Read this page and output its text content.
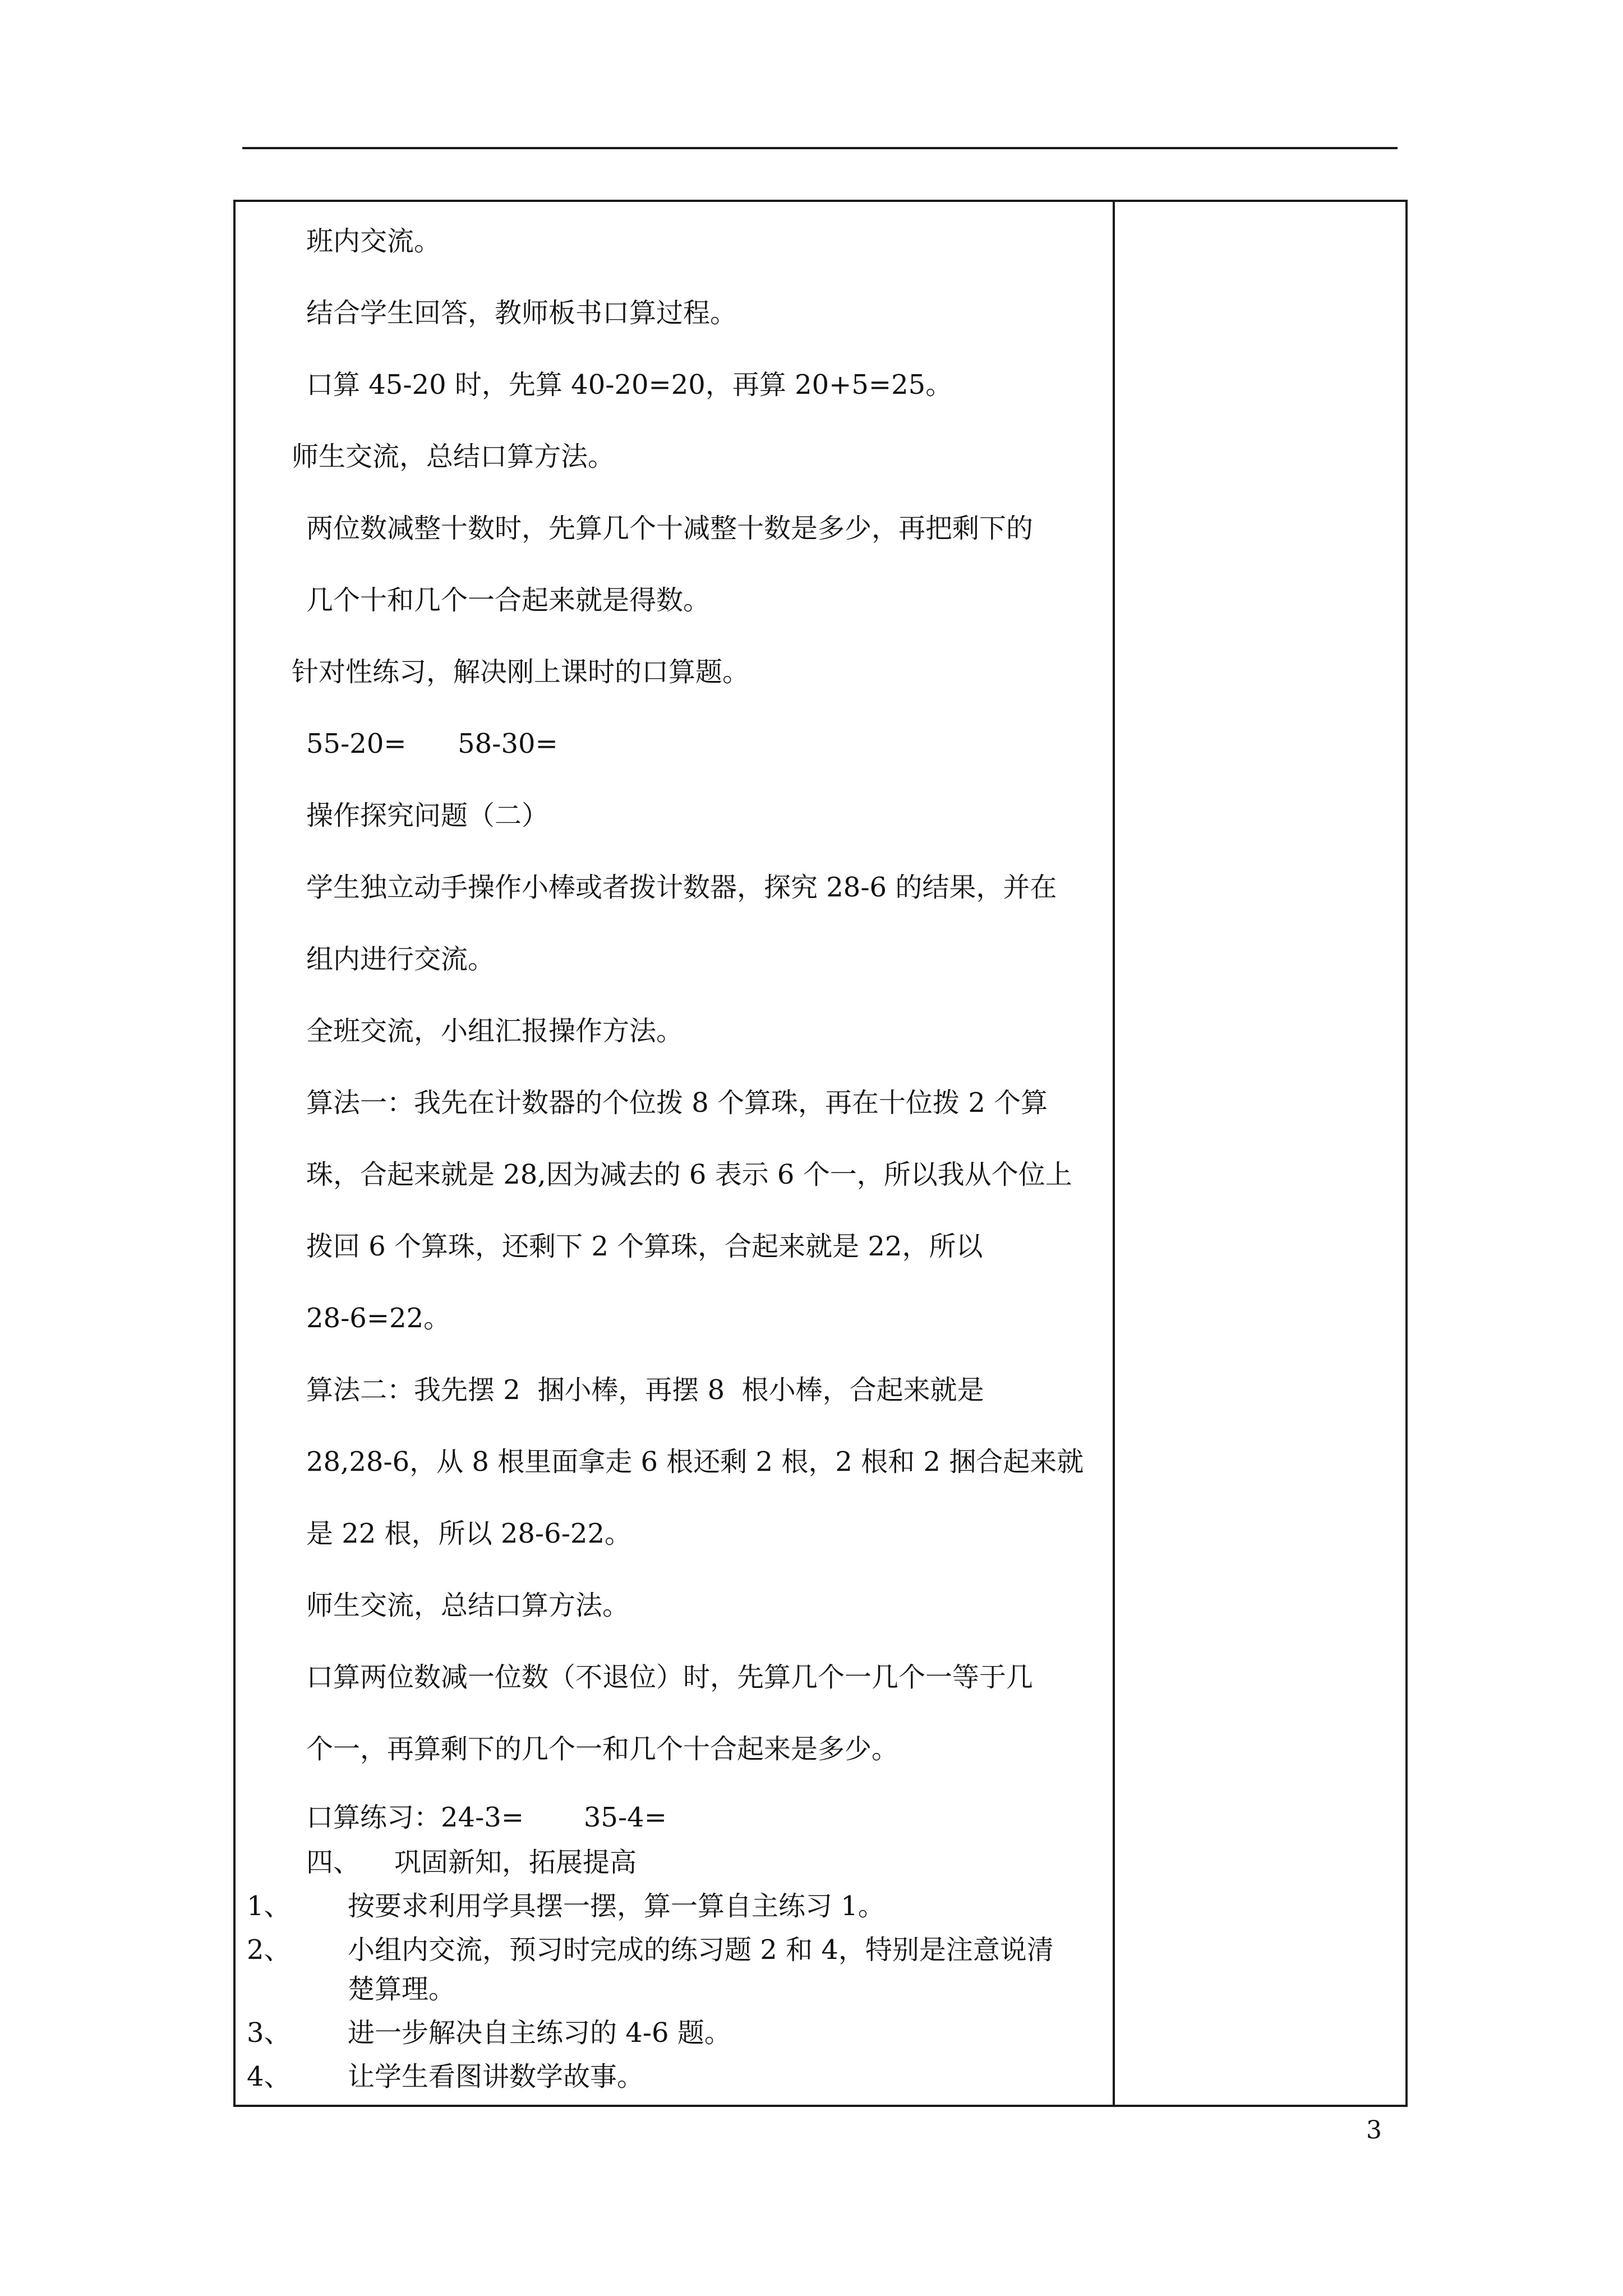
班内交流。

结合学生回答，教师板书口算过程。

口算 45-20 时，先算 40-20=20，再算 20+5=25。

师生交流，总结口算方法。

两位数减整十数时，先算几个十减整十数是多少，再把剩下的

几个十和几个一合起来就是得数。

针对性练习，解决刚上课时的口算题。

55-20=      58-30=

操作探究问题（二）

学生独立动手操作小棒或者拨计数器，探究 28-6 的结果，并在

组内进行交流。

全班交流，小组汇报操作方法。

算法一：我先在计数器的个位拨 8 个算珠，再在十位拨 2 个算

珠，合起来就是 28,因为减去的 6 表示 6 个一，所以我从个位上

拨回 6 个算珠，还剩下 2 个算珠，合起来就是 22，所以

28-6=22。

算法二：我先摆 2  捆小棒，再摆 8  根小棒，合起来就是

28,28-6，从 8 根里面拿走 6 根还剩 2 根，2 根和 2 捆合起来就

是 22 根，所以 28-6-22。

师生交流，总结口算方法。

口算两位数减一位数（不退位）时，先算几个一几个一等于几

个一，再算剩下的几个一和几个十合起来是多少。

口算练习：24-3=       35-4=

四、    巩固新知，拓展提高

1、 按要求利用学具摆一摆，算一算自主练习 1。

2、 小组内交流，预习时完成的练习题 2 和 4，特别是注意说清

楚算理。

3、 进一步解决自主练习的 4-6 题。

4、 让学生看图讲数学故事。

3
